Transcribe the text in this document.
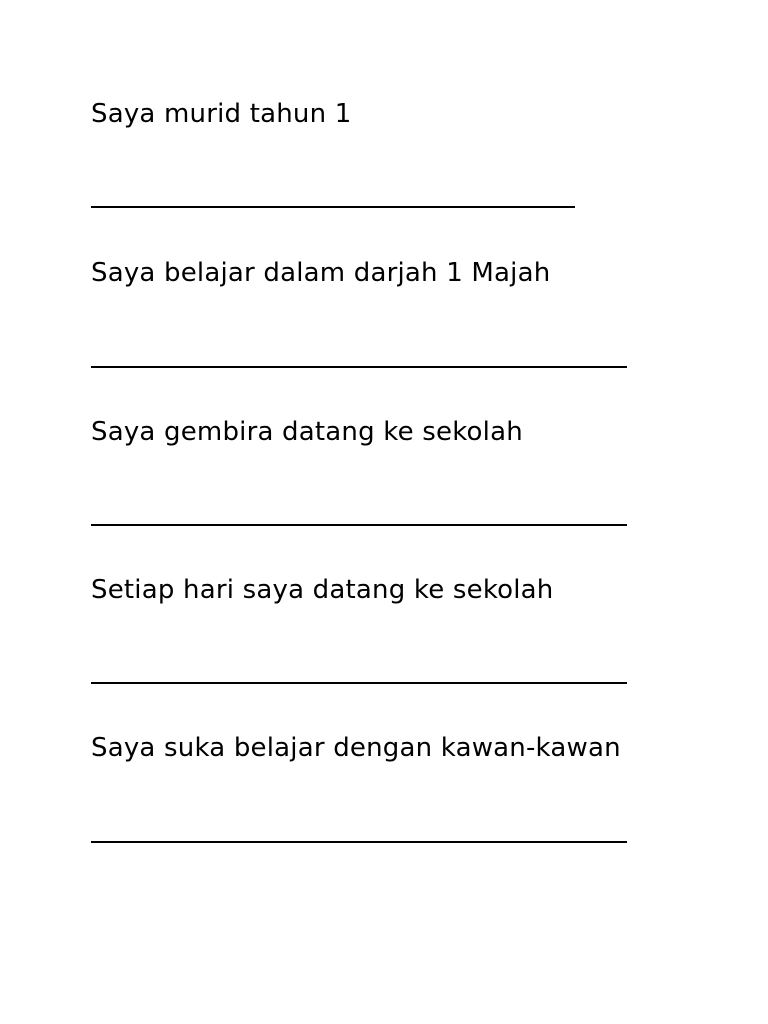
Saya murid tahun 1
Saya belajar dalam darjah 1 Majah
Saya gembira datang ke sekolah
Setiap hari saya datang ke sekolah
Saya suka belajar dengan kawan-kawan
